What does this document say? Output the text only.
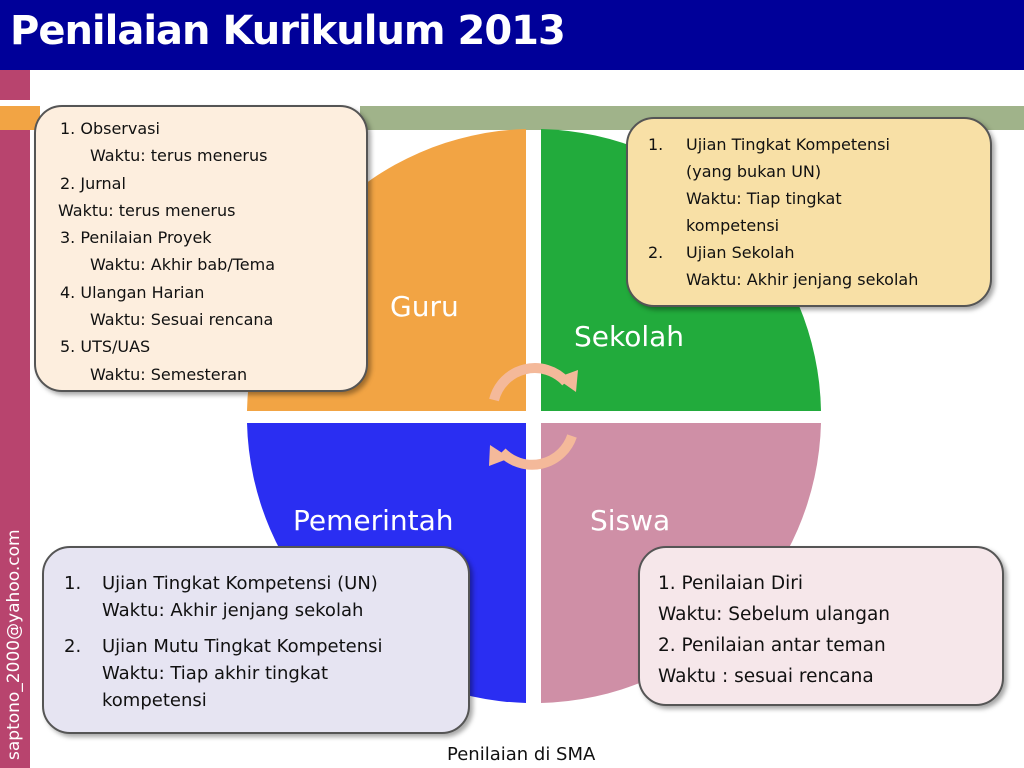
Penilaian Kurikulum 2013
saptono_2000@yahoo.com
Guru
Sekolah
Pemerintah	Siswa
1. Observasi
Waktu: terus menerus
2. Jurnal
Waktu: terus menerus
3. Penilaian Proyek
Waktu: Akhir bab/Tema
4. Ulangan Harian
Waktu: Sesuai rencana
5. UTS/UAS
Waktu: Semesteran
1. Ujian Tingkat Kompetensi
(yang bukan UN)
Waktu: Tiap tingkat
kompetensi
2. Ujian Sekolah
Waktu: Akhir jenjang sekolah
1. Ujian Tingkat Kompetensi (UN)
Waktu: Akhir jenjang sekolah
2. Ujian Mutu Tingkat Kompetensi
Waktu: Tiap akhir tingkat
kompetensi
1. Penilaian Diri
Waktu: Sebelum ulangan
2. Penilaian antar teman
Waktu : sesuai rencana
Penilaian di SMA
